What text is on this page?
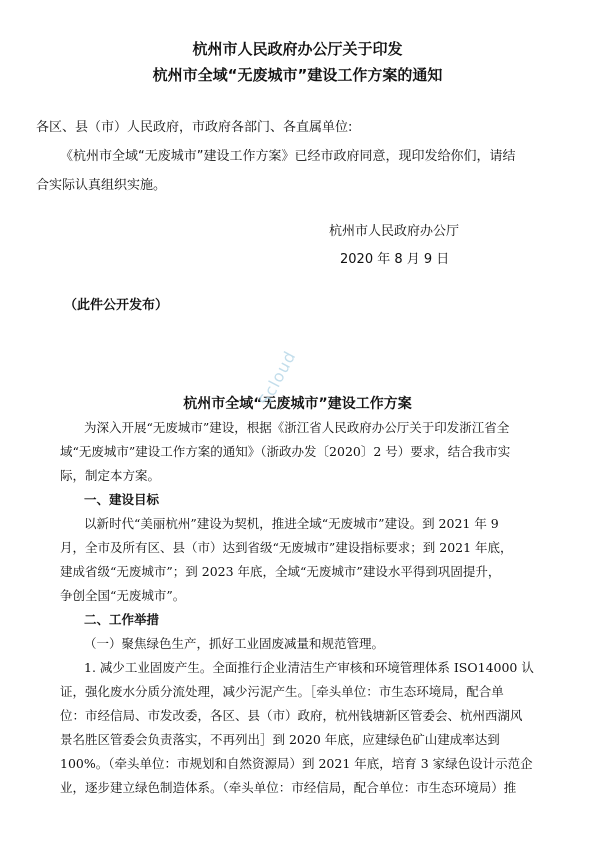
杭州市人民政府办公厅关于印发
杭州市全域“无废城市”建设工作方案的通知
各区、县（市）人民政府，市政府各部门、各直属单位:
《杭州市全域“无废城市”建设工作方案》已经市政府同意，现印发给你们，请结
合实际认真组织实施。
杭州市人民政府办公厅
2020 年 8 月 9 日
（此件公开发布）
杭州市全域“无废城市”建设工作方案
为深入开展“无废城市”建设，根据《浙江省人民政府办公厅关于印发浙江省全
域“无废城市”建设工作方案的通知》（浙政办发〔2020〕2 号）要求，结合我市实
际，制定本方案。
一、建设目标
以新时代“美丽杭州”建设为契机，推进全域“无废城市”建设。到 2021 年 9
月，全市及所有区、县（市）达到省级“无废城市”建设指标要求；到 2021 年底，
建成省级“无废城市”；到 2023 年底，全域“无废城市”建设水平得到巩固提升，
争创全国“无废城市”。
二、工作举措
（一）聚焦绿色生产，抓好工业固废减量和规范管理。
1. 减少工业固废产生。全面推行企业清洁生产审核和环境管理体系 ISO14000 认
证，强化废水分质分流处理，减少污泥产生。［牵头单位：市生态环境局，配合单
位：市经信局、市发改委，各区、县（市）政府，杭州钱塘新区管委会、杭州西湖风
景名胜区管委会负责落实，不再列出］到 2020 年底，应建绿色矿山建成率达到
100%。（牵头单位：市规划和自然资源局）到 2021 年底，培育 3 家绿色设计示范企
业，逐步建立绿色制造体系。（牵头单位：市经信局，配合单位：市生态环境局）推
Scloud
